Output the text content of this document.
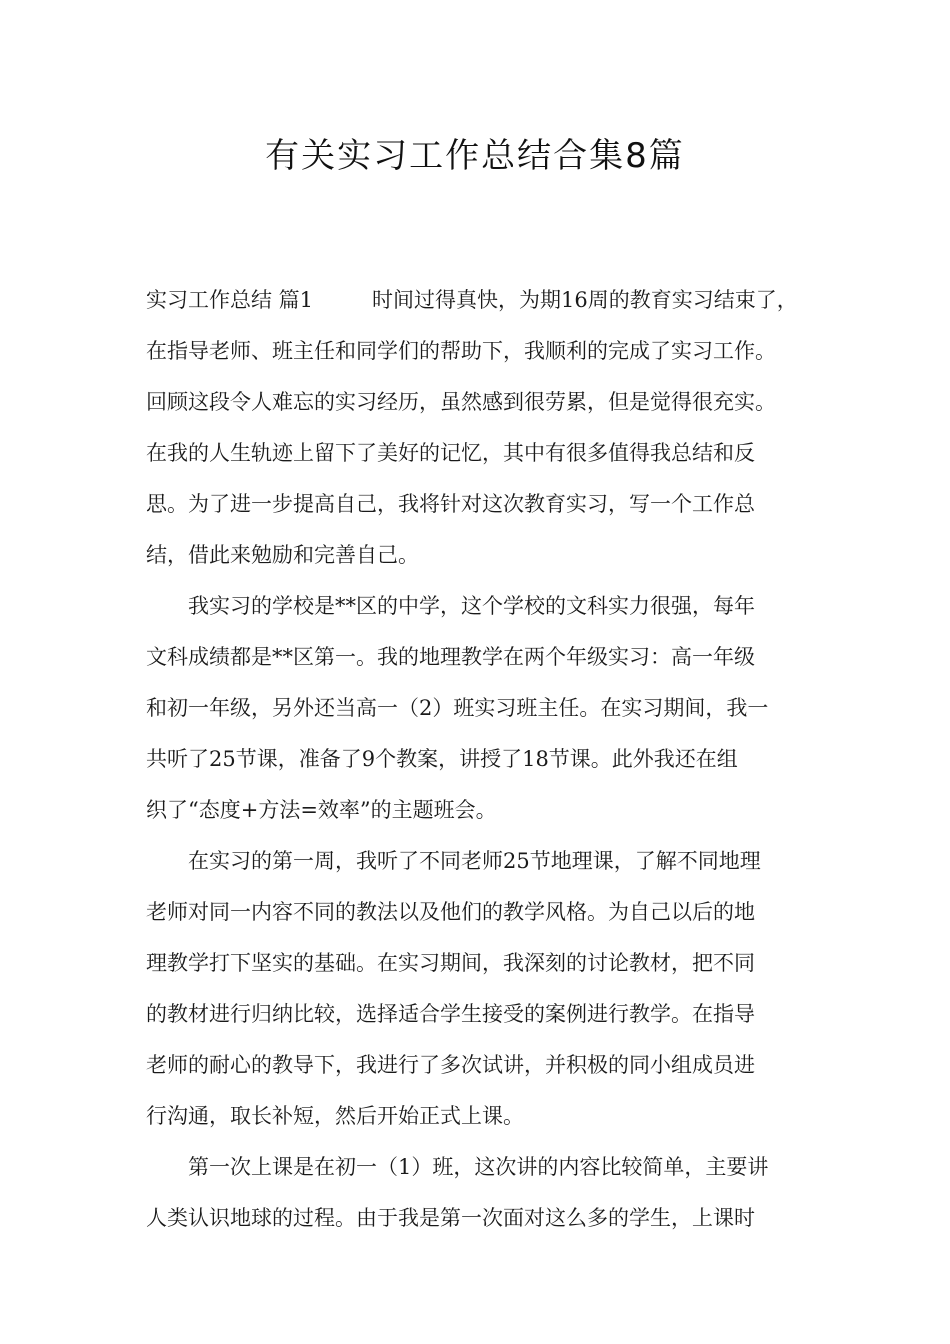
有关实习工作总结合集8篇
实习工作总结 篇1	时间过得真快，为期16周的教育实习结束了，
在指导老师、班主任和同学们的帮助下，我顺利的完成了实习工作。
回顾这段令人难忘的实习经历，虽然感到很劳累，但是觉得很充实。
在我的人生轨迹上留下了美好的记忆，其中有很多值得我总结和反
思。为了进一步提高自己，我将针对这次教育实习，写一个工作总
结，借此来勉励和完善自己。
我实习的学校是**区的中学，这个学校的文科实力很强，每年
文科成绩都是**区第一。我的地理教学在两个年级实习：高一年级
和初一年级，另外还当高一（2）班实习班主任。在实习期间，我一
共听了25节课，准备了9个教案，讲授了18节课。此外我还在组
织了“态度+方法=效率”的主题班会。
在实习的第一周，我听了不同老师25节地理课，了解不同地理
老师对同一内容不同的教法以及他们的教学风格。为自己以后的地
理教学打下坚实的基础。在实习期间，我深刻的讨论教材，把不同
的教材进行归纳比较，选择适合学生接受的案例进行教学。在指导
老师的耐心的教导下，我进行了多次试讲，并积极的同小组成员进
行沟通，取长补短，然后开始正式上课。
第一次上课是在初一（1）班，这次讲的内容比较简单，主要讲
人类认识地球的过程。由于我是第一次面对这么多的学生，上课时
